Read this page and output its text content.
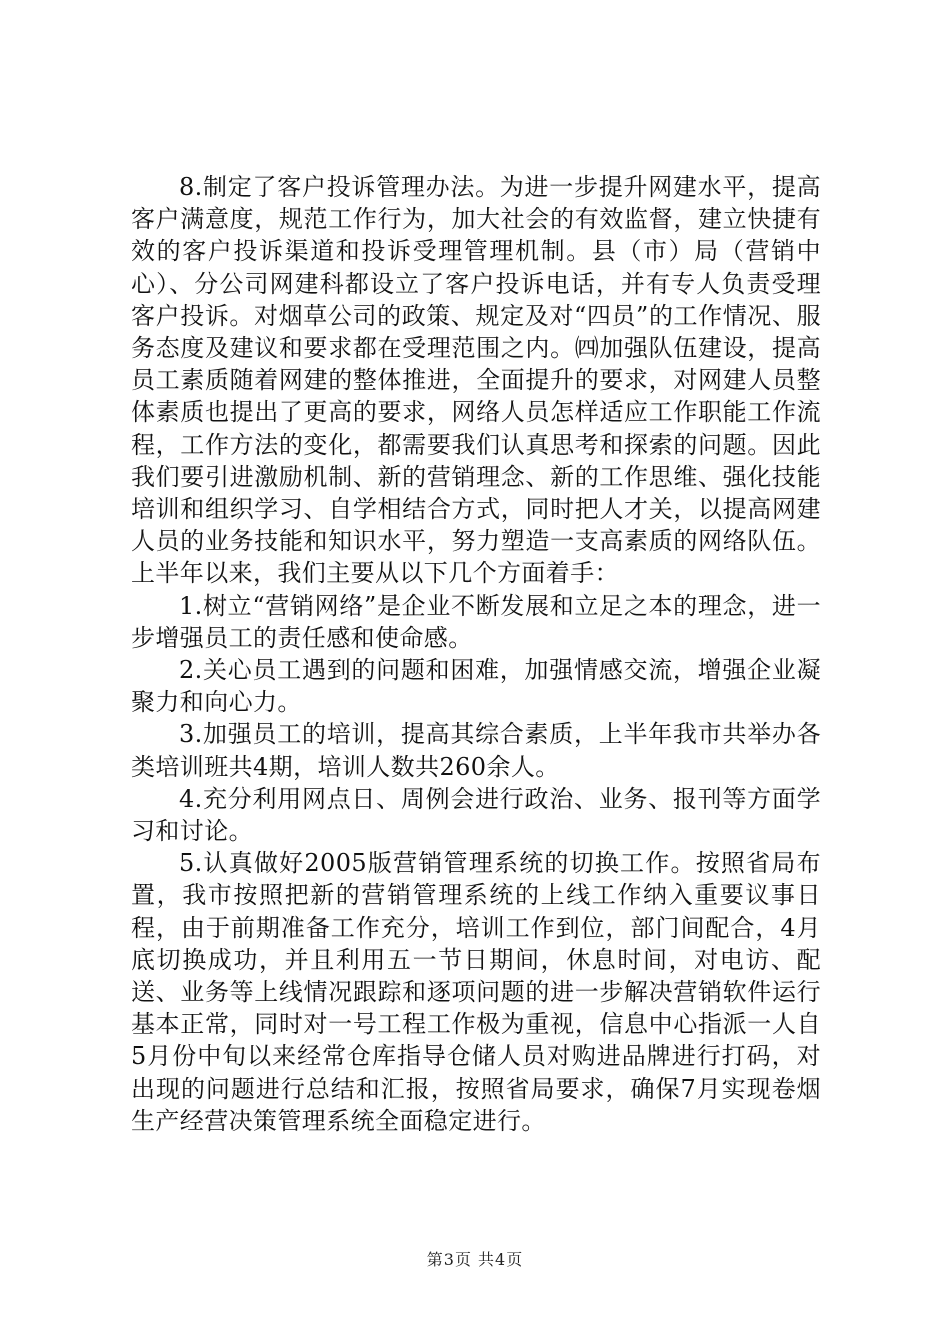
8.制定了客户投诉管理办法。为进一步提升网建水平，提高客户满意度，规范工作行为，加大社会的有效监督，建立快捷有效的客户投诉渠道和投诉受理管理机制。县（市）局（营销中心）、分公司网建科都设立了客户投诉电话，并有专人负责受理客户投诉。对烟草公司的政策、规定及对“四员”的工作情况、服务态度及建议和要求都在受理范围之内。㈣加强队伍建设，提高员工素质随着网建的整体推进，全面提升的要求，对网建人员整体素质也提出了更高的要求，网络人员怎样适应工作职能工作流程，工作方法的变化，都需要我们认真思考和探索的问题。因此我们要引进激励机制、新的营销理念、新的工作思维、强化技能培训和组织学习、自学相结合方式，同时把人才关，以提高网建人员的业务技能和知识水平，努力塑造一支高素质的网络队伍。上半年以来，我们主要从以下几个方面着手：

1.树立“营销网络”是企业不断发展和立足之本的理念，进一步增强员工的责任感和使命感。

2.关心员工遇到的问题和困难，加强情感交流，增强企业凝聚力和向心力。

3.加强员工的培训，提高其综合素质，上半年我市共举办各类培训班共4期，培训人数共260余人。

4.充分利用网点日、周例会进行政治、业务、报刊等方面学习和讨论。

5.认真做好2005版营销管理系统的切换工作。按照省局布置，我市按照把新的营销管理系统的上线工作纳入重要议事日程，由于前期准备工作充分，培训工作到位，部门间配合，4月底切换成功，并且利用五一节日期间，休息时间，对电访、配送、业务等上线情况跟踪和逐项问题的进一步解决营销软件运行基本正常，同时对一号工程工作极为重视，信息中心指派一人自5月份中旬以来经常仓库指导仓储人员对购进品牌进行打码，对出现的问题进行总结和汇报，按照省局要求，确保7月实现卷烟生产经营决策管理系统全面稳定进行。

第3页 共4页
